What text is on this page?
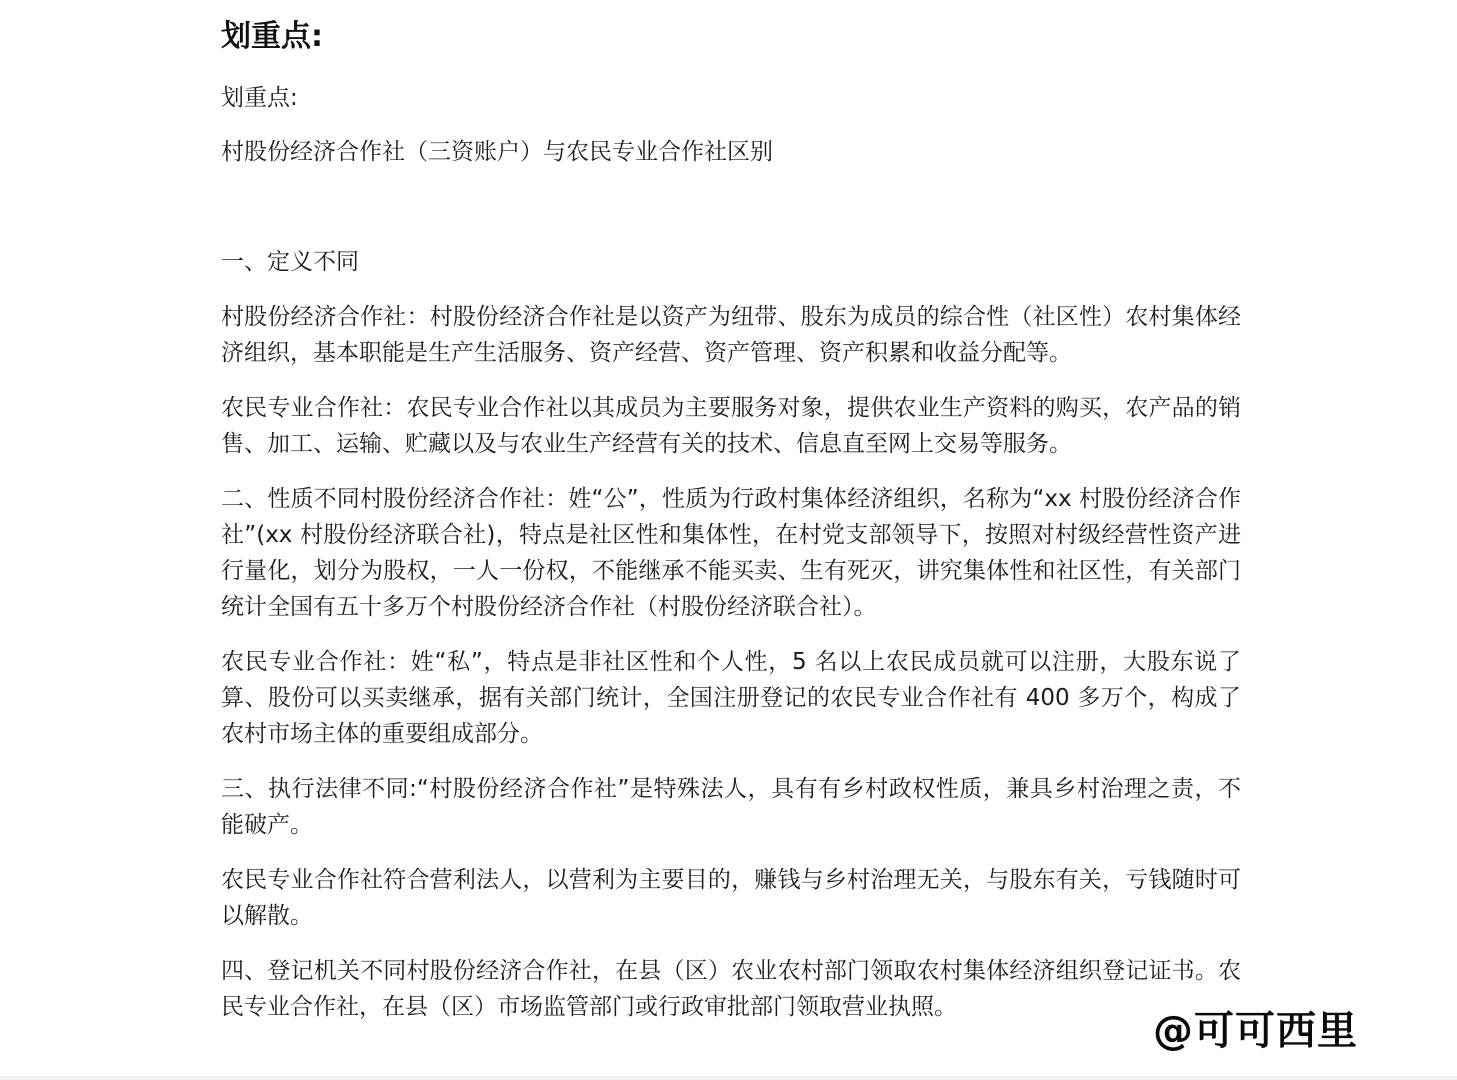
划重点:

划重点:

村股份经济合作社（三资账户）与农民专业合作社区别

一、定义不同

村股份经济合作社：村股份经济合作社是以资产为纽带、股东为成员的综合性（社区性）农村集体经济组织，基本职能是生产生活服务、资产经营、资产管理、资产积累和收益分配等。

农民专业合作社：农民专业合作社以其成员为主要服务对象，提供农业生产资料的购买，农产品的销售、加工、运输、贮藏以及与农业生产经营有关的技术、信息直至网上交易等服务。

二、性质不同村股份经济合作社：姓“公”，性质为行政村集体经济组织，名称为“xx 村股份经济合作社”(xx 村股份经济联合社)，特点是社区性和集体性，在村党支部领导下，按照对村级经营性资产进行量化，划分为股权，一人一份权，不能继承不能买卖、生有死灭，讲究集体性和社区性，有关部门统计全国有五十多万个村股份经济合作社（村股份经济联合社）。

农民专业合作社：姓“私”，特点是非社区性和个人性，5 名以上农民成员就可以注册，大股东说了算、股份可以买卖继承，据有关部门统计，全国注册登记的农民专业合作社有 400 多万个，构成了农村市场主体的重要组成部分。

三、执行法律不同:“村股份经济合作社”是特殊法人，具有有乡村政权性质，兼具乡村治理之责，不能破产。

农民专业合作社符合营利法人，以营利为主要目的，赚钱与乡村治理无关，与股东有关，亏钱随时可以解散。

四、登记机关不同村股份经济合作社，在县（区）农业农村部门领取农村集体经济组织登记证书。农民专业合作社，在县（区）市场监管部门或行政审批部门领取营业执照。

@可可西里
